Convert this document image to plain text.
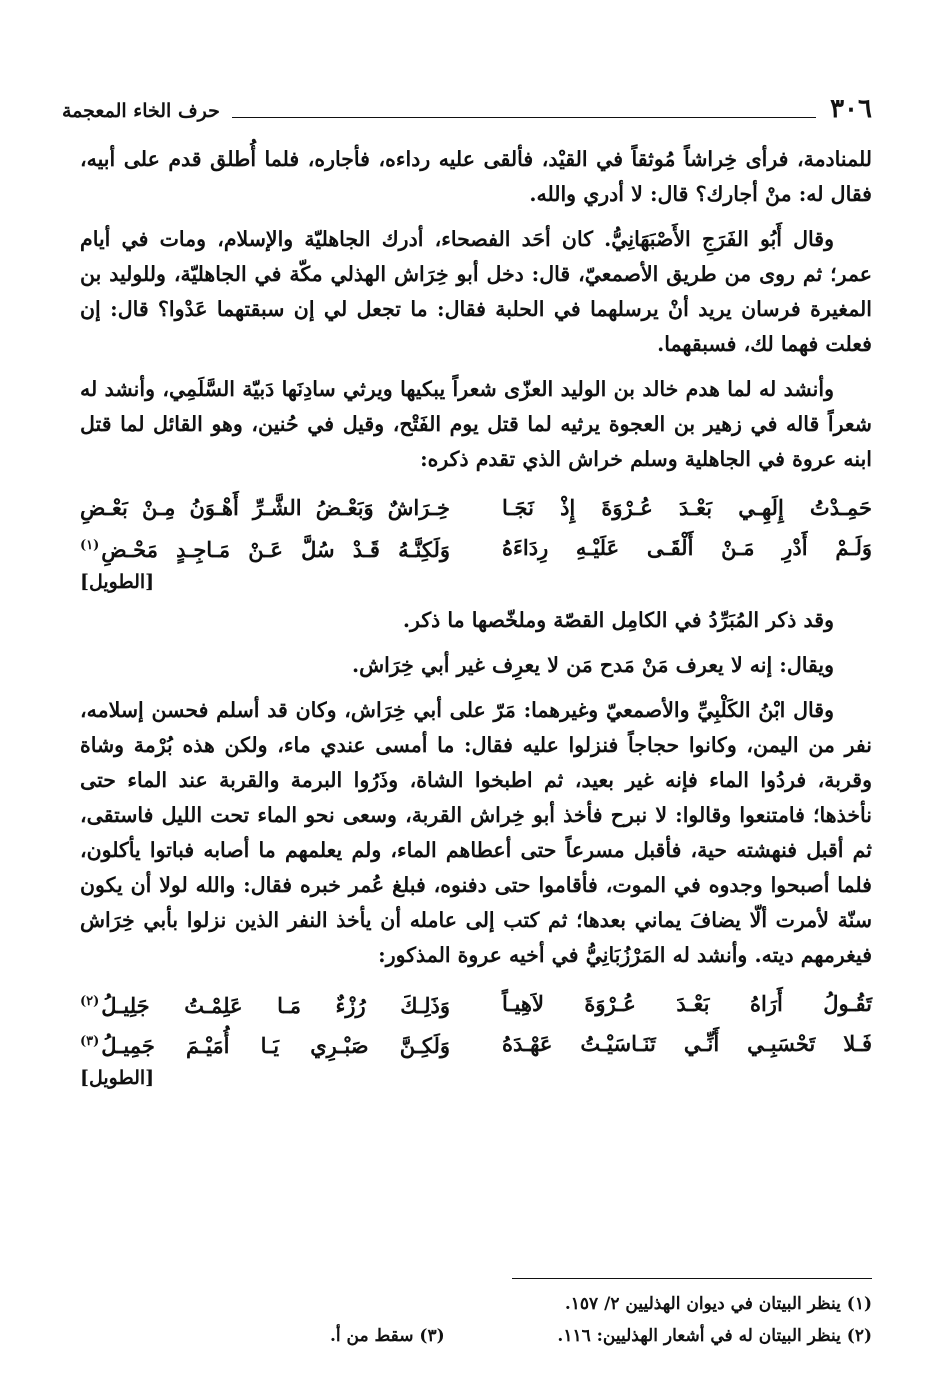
٣٠٦
حرف الخاء المعجمة

للمنادمة، فرأى خِراشاً مُوثقاً في القيْد، فألقى عليه رداءه، فأجاره، فلما أُطلق قدم على أبيه، فقال له: منْ أجارك؟ قال: لا أدري والله.

وقال أَبُو الفَرَجِ الأَصْبَهَانِيُّ. كان أحَد الفصحاء، أدرك الجاهليّة والإسلام، ومات في أيام عمر؛ ثم روى من طريق الأصمعيّ، قال: دخل أبو خِرَاش الهذلي مكّة في الجاهليّة، وللوليد بن المغيرة فرسان يريد أنْ يرسلهما في الحلبة فقال: ما تجعل لي إن سبقتهما عَدْوا؟ قال: إن فعلت فهما لك، فسبقهما.

وأنشد له لما هدم خالد بن الوليد العزّى شعراً يبكيها ويرثي سادِنَها دَبيّة السَّلَمِي، وأنشد له شعراً قاله في زهير بن العجوة يرثيه لما قتل يوم الفَتْح، وقيل في حُنين، وهو القائل لما قتل ابنه عروة في الجاهلية وسلم خراش الذي تقدم ذكره:

حَمِـدْتُ إِلَهِـي بَعْـدَ عُـرْوَةَ إِذْ نَجَـا
خِـرَاشٌ وَبَعْـضُ الشَّـرِّ أَهْـوَنُ مِـنْ بَعْـضِ
وَلَـمْ أَدْرِ مَـنْ أَلْقَـى عَلَيْـهِ رِدَاءَهُ
وَلَكِنَّـهُ قَـدْ سُلَّ عَـنْ مَـاجِـدٍ مَحْـضِ$^{(١)}$
[الطويل]

وقد ذكر المُبَرِّدُ في الكامِل القصّة وملخّصها ما ذكر.

ويقال: إنه لا يعرف مَنْ مَدح مَن لا يعرِف غير أبي خِرَاش.

وقال ابْنُ الكَلْبِيِّ والأصمعيّ وغيرهما: مَرّ على أبي خِرَاش، وكان قد أسلم فحسن إسلامه، نفر من اليمن، وكانوا حجاجاً فنزلوا عليه فقال: ما أمسى عندي ماء، ولكن هذه بُرْمة وشاة وقربة، فردُوا الماء فإنه غير بعيد، ثم اطبخوا الشاة، وذَرُوا البرمة والقربة عند الماء حتى نأخذها؛ فامتنعوا وقالوا: لا نبرح فأخذ أبو خِراش القربة، وسعى نحو الماء تحت الليل فاستقى، ثم أقبل فنهشته حية، فأقبل مسرعاً حتى أعطاهم الماء، ولم يعلمهم ما أصابه فباتوا يأكلون، فلما أصبحوا وجدوه في الموت، فأقاموا حتى دفنوه، فبلغ عُمر خبره فقال: والله لولا أن يكون سنّة لأمرت ألّا يضافَ يماني بعدها؛ ثم كتب إلى عامله أن يأخذ النفر الذين نزلوا بأبي خِرَاش فيغرمهم ديته. وأنشد له المَرْزُبَانِيُّ في أخيه عروة المذكور:

تَقُـولُ أَرَاهُ بَعْـدَ عُـرْوَةَ لاَهِيـاً
وَذَلِـكَ رُزْءٌ مَـا عَلِمْـتُ جَلِيـلُ$^{(٢)}$
فَـلا تَحْسَبِـي أَنِّـي تَنَـاسَيْـتُ عَهْـدَهُ
وَلَكِـنَّ صَبْـرِي يَـا أُمَيْـمَ جَمِيـلُ$^{(٣)}$
[الطويل]
(١) ينظر البيتان في ديوان الهذليين ٢/ ١٥٧.
(٢) ينظر البيتان له في أشعار الهذليين: ١١٦.
(٣) سقط من أ.
